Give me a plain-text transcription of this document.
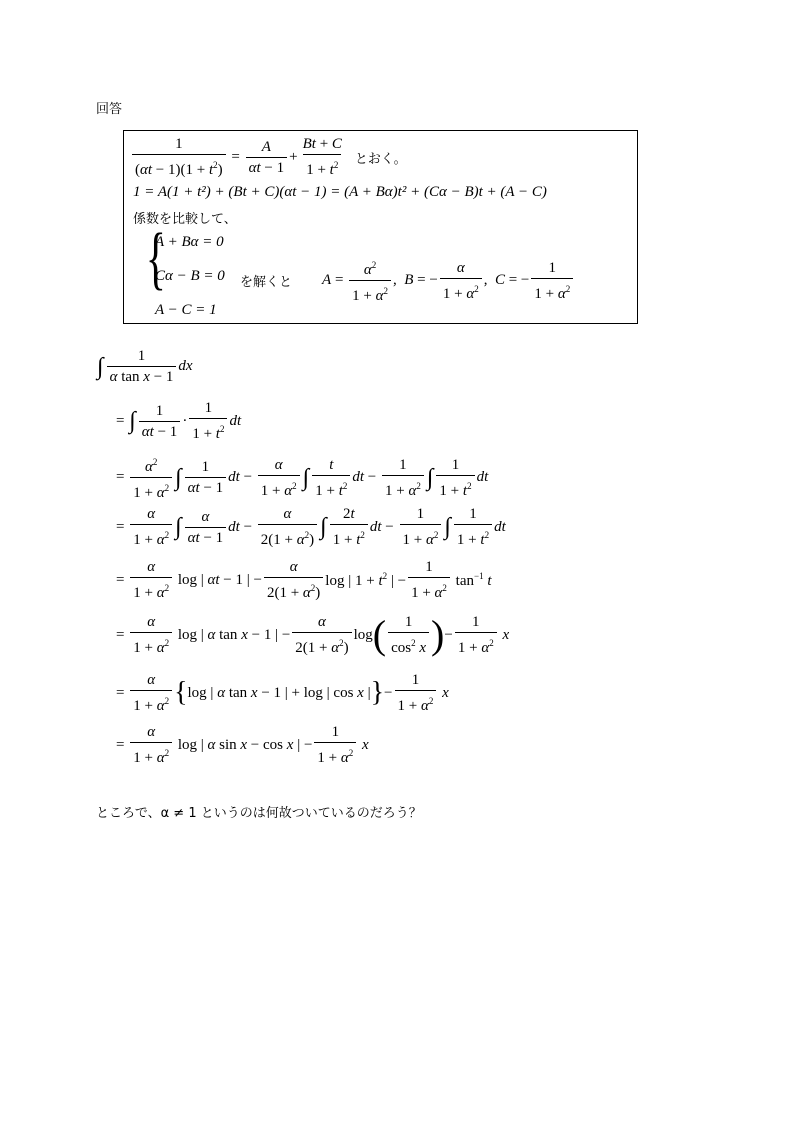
回答
$\frac{1}{(\alpha t - 1)(1 + t^2)} = \frac{A}{\alpha t - 1} + \frac{Bt + C}{1 + t^2}$ とおく。
1 = A(1 + t²) + (Bt + C)(αt − 1) = (A + Bα)t² + (Cα − B)t + (A − C)
係数を比較して、
{
A + Bα = 0
Cα − B = 0
A − C = 1
を解くと $A = \frac{\alpha^2}{1 + \alpha^2}$ , B = − $\frac{\alpha}{1 + \alpha^2}$ , C = − $\frac{1}{1 + \alpha^2}$
∫ $\frac{1}{\text{α tan x − 1}}$ dx
= ∫ $\frac{1}{\alpha t - 1} \cdot \frac{1}{1 + t^2}$ dt
= $\frac{\alpha^2}{1 + \alpha^2}$ ∫ $\frac{1}{\alpha t - 1}$ dt − $\frac{\alpha}{1 + \alpha^2}$ ∫ $\frac{t}{1 + t^2}$ dt − $\frac{1}{1 + \alpha^2}$ ∫ $\frac{1}{1 + t^2}$ dt
= $\frac{\alpha}{1 + \alpha^2}$ ∫ $\frac{\alpha}{\alpha t - 1}$ dt − $\frac{\alpha}{2(1 + \alpha^2)}$ ∫ $\frac{2t}{1 + t^2}$ dt − $\frac{1}{1 + \alpha^2}$ ∫ $\frac{1}{1 + t^2}$ dt
= $\frac{\alpha}{1 + \alpha^2}$ log | αt − 1 | − $\frac{\alpha}{2(1 + \alpha^2)}$ log | $1 + t^2$ | − $\frac{1}{1 + \alpha^2} \tan^{-1} t$
= $\frac{\alpha}{1 + \alpha^2}$ log | α tan x − 1 | − $\frac{\alpha}{2(1 + \alpha^2)}$ log ( $\frac{1}{\cos^2 x}$ ) − $\frac{1}{1 + \alpha^2}$ x
= $\frac{\alpha}{1 + \alpha^2}$ { log | α tan x − 1 | + log | cos x | } − $\frac{1}{1 + \alpha^2}$ x
= $\frac{\alpha}{1 + \alpha^2}$ log | α sin x − cos x | − $\frac{1}{1 + \alpha^2}$ x
ところで、α ≠ 1 というのは何故ついているのだろう？
